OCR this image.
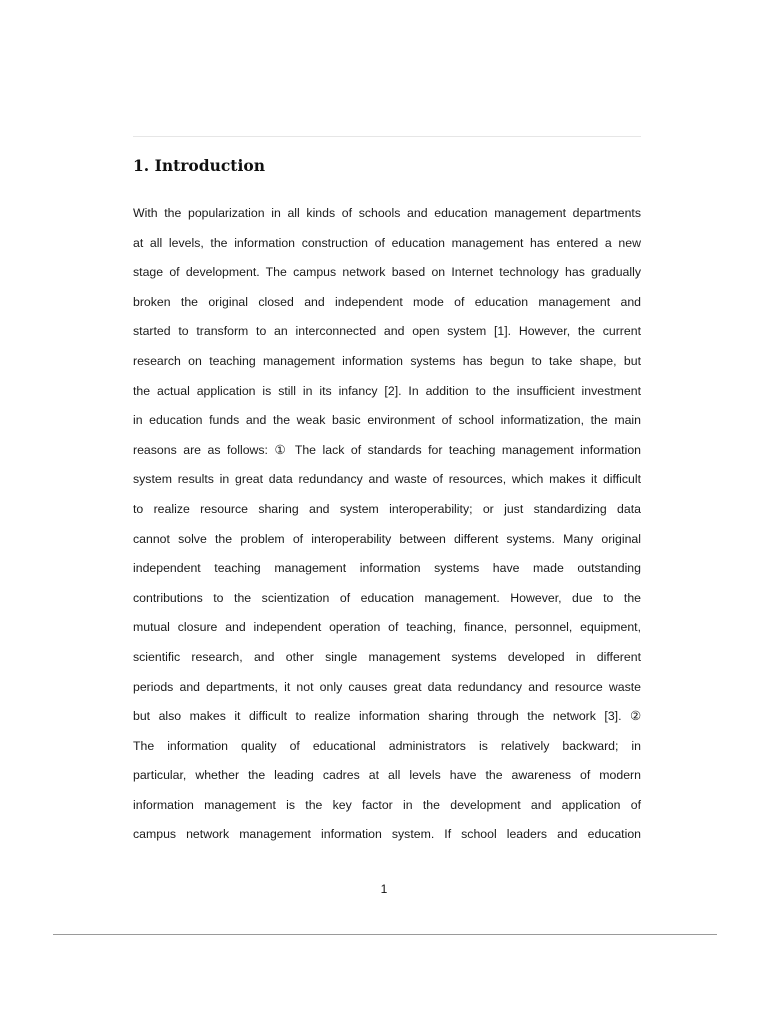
1. Introduction
With the popularization in all kinds of schools and education management departments
at all levels, the information construction of education management has entered a new
stage of development. The campus network based on Internet technology has gradually
broken the original closed and independent mode of education management and
started to transform to an interconnected and open system [1]. However, the current
research on teaching management information systems has begun to take shape, but
the actual application is still in its infancy [2]. In addition to the insufficient investment
in education funds and the weak basic environment of school informatization, the main
reasons are as follows: ① The lack of standards for teaching management information
system results in great data redundancy and waste of resources, which makes it difficult
to realize resource sharing and system interoperability; or just standardizing data
cannot solve the problem of interoperability between different systems. Many original
independent teaching management information systems have made outstanding
contributions to the scientization of education management. However, due to the
mutual closure and independent operation of teaching, finance, personnel, equipment,
scientific research, and other single management systems developed in different
periods and departments, it not only causes great data redundancy and resource waste
but also makes it difficult to realize information sharing through the network [3]. ②
The information quality of educational administrators is relatively backward; in
particular, whether the leading cadres at all levels have the awareness of modern
information management is the key factor in the development and application of
campus network management information system. If school leaders and education
1
